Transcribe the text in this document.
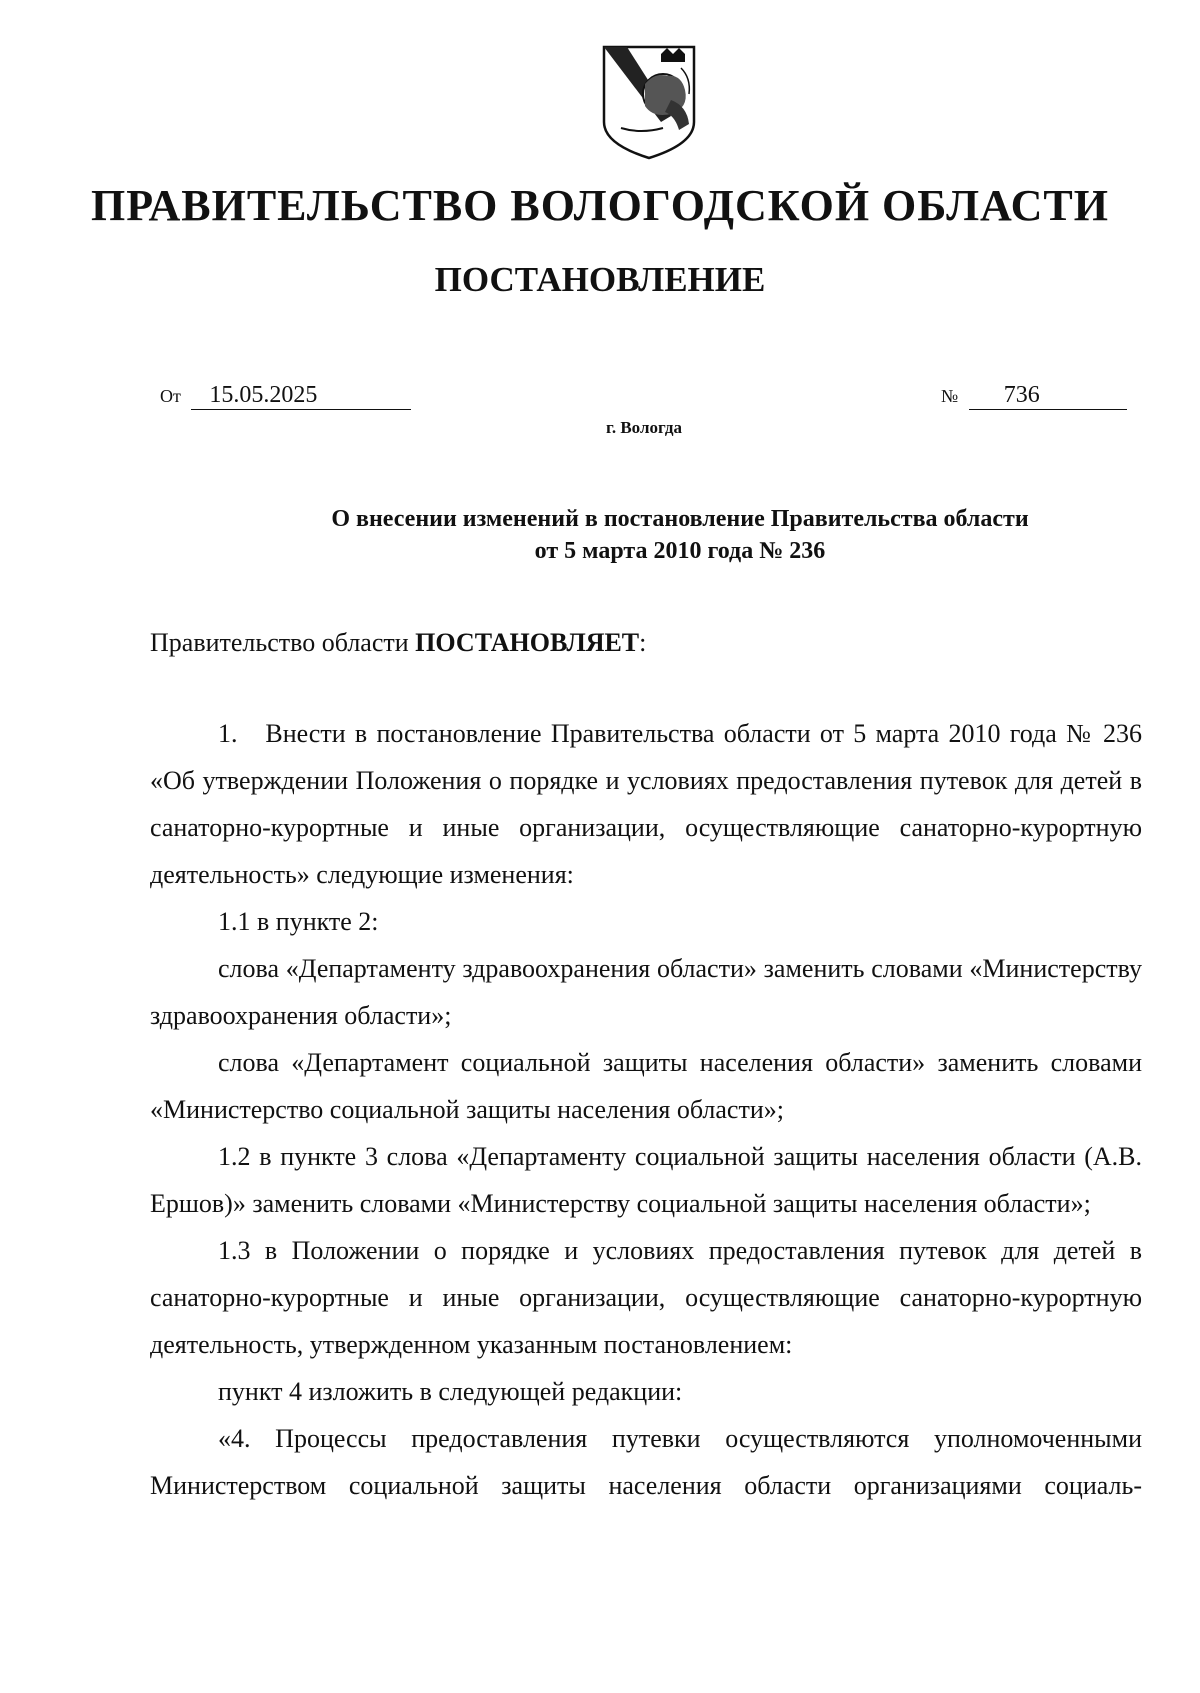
ПРАВИТЕЛЬСТВО ВОЛОГОДСКОЙ ОБЛАСТИ
ПОСТАНОВЛЕНИЕ
От 15.05.2025	№ 736
г. Вологда
О внесении изменений в постановление Правительства области
от 5 марта 2010 года № 236
Правительство области ПОСТАНОВЛЯЕТ:

1.   Внести в постановление Правительства области от 5 марта 2010 года № 236 «Об утверждении Положения о порядке и условиях предоставления путевок для детей в санаторно-курортные и иные организации, осуществляющие санаторно-курортную деятельность» следующие изменения:

1.1 в пункте 2:

слова «Департаменту здравоохранения области» заменить словами «Министерству здравоохранения области»;

слова «Департамент социальной защиты населения области» заменить словами «Министерство социальной защиты населения области»;

1.2 в пункте 3 слова «Департаменту социальной защиты населения области (А.В. Ершов)» заменить словами «Министерству социальной защиты населения области»;

1.3 в Положении о порядке и условиях предоставления путевок для детей в санаторно-курортные и иные организации, осуществляющие санаторно-курортную деятельность, утвержденном указанным постановлением:

пункт 4 изложить в следующей редакции:

«4. Процессы предоставления путевки осуществляются уполномоченными Министерством социальной защиты населения области организациями социаль-
